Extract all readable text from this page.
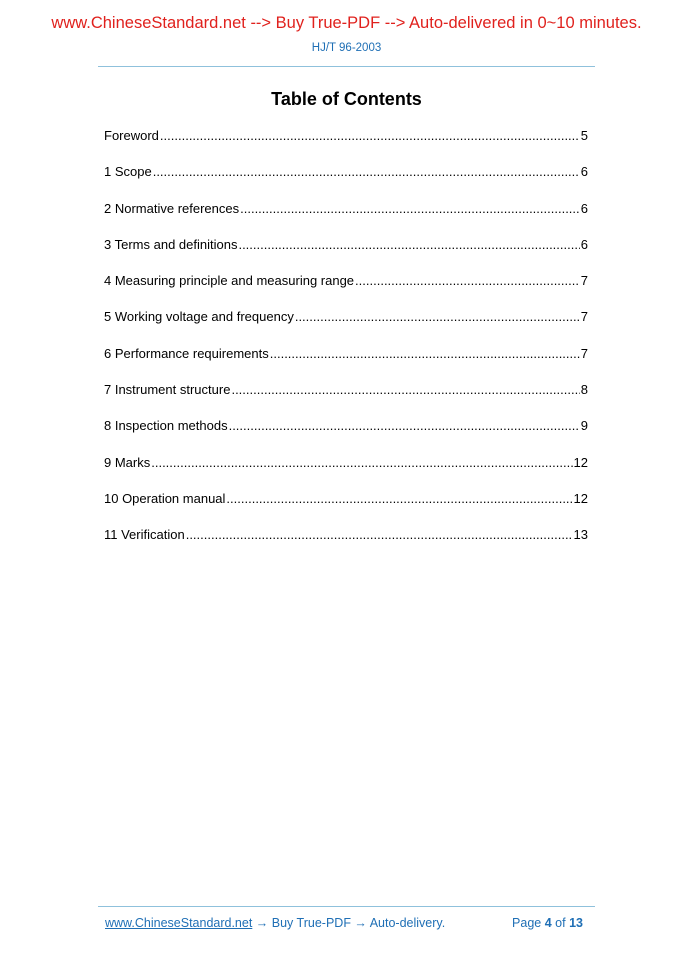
www.ChineseStandard.net --> Buy True-PDF --> Auto-delivered in 0~10 minutes.
HJ/T 96-2003
Table of Contents
Foreword .....	5
1 Scope .....	6
2 Normative references .....	6
3 Terms and definitions .....	6
4 Measuring principle and measuring range .....	7
5 Working voltage and frequency .....	7
6 Performance requirements .....	7
7 Instrument structure .....	8
8 Inspection methods .....	9
9 Marks .....	12
10 Operation manual .....	12
11 Verification .....	13
www.ChineseStandard.net → Buy True-PDF → Auto-delivery.	Page 4 of 13
